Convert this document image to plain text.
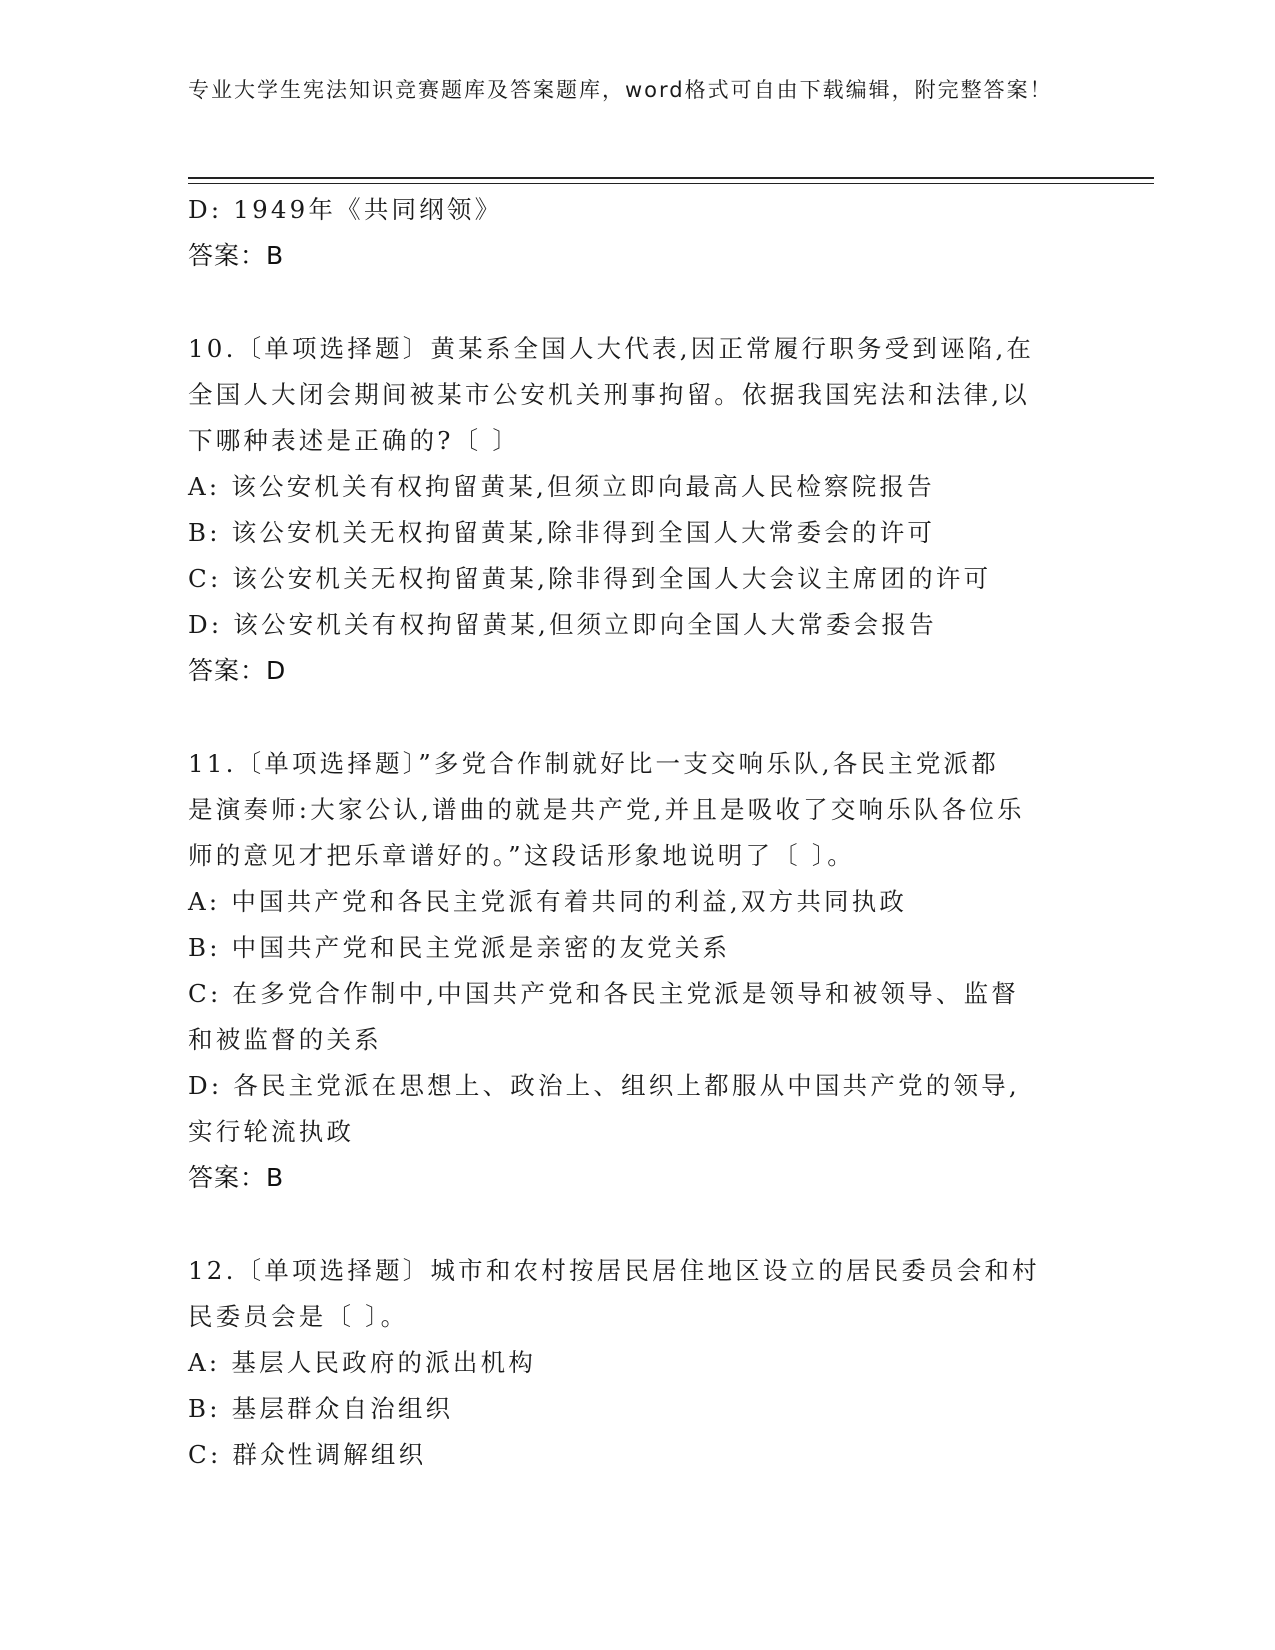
专业大学生宪法知识竞赛题库及答案题库，word格式可自由下载编辑，附完整答案！
D: 1949年《共同纲领》
答案：B
10.〔单项选择题〕黄某系全国人大代表,因正常履行职务受到诬陷,在
全国人大闭会期间被某市公安机关刑事拘留。依据我国宪法和法律,以
下哪种表述是正确的?〔 〕
A: 该公安机关有权拘留黄某,但须立即向最高人民检察院报告
B: 该公安机关无权拘留黄某,除非得到全国人大常委会的许可
C: 该公安机关无权拘留黄某,除非得到全国人大会议主席团的许可
D: 该公安机关有权拘留黄某,但须立即向全国人大常委会报告
答案：D
11.〔单项选择题〕”多党合作制就好比一支交响乐队,各民主党派都
是演奏师:大家公认,谱曲的就是共产党,并且是吸收了交响乐队各位乐
师的意见才把乐章谱好的。”这段话形象地说明了〔 〕。
A: 中国共产党和各民主党派有着共同的利益,双方共同执政
B: 中国共产党和民主党派是亲密的友党关系
C: 在多党合作制中,中国共产党和各民主党派是领导和被领导、监督
和被监督的关系
D: 各民主党派在思想上、政治上、组织上都服从中国共产党的领导,
实行轮流执政
答案：B
12.〔单项选择题〕城市和农村按居民居住地区设立的居民委员会和村
民委员会是〔 〕。
A: 基层人民政府的派出机构
B: 基层群众自治组织
C: 群众性调解组织
